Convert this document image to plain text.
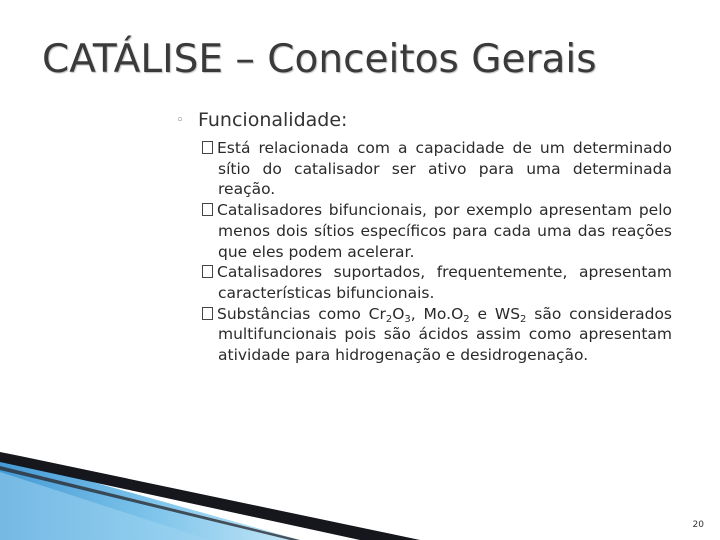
CATÁLISE – Conceitos Gerais
◦ Funcionalidade:
Está relacionada com a capacidade de um determinado sítio do catalisador ser ativo para uma determinada reação.
Catalisadores bifuncionais, por exemplo apresentam pelo menos dois sítios específicos para cada uma das reações que eles podem acelerar.
Catalisadores suportados, frequentemente, apresentam características bifuncionais.
Substâncias como $Cr_2O_3$, $Mo.O_2$ e $WS_2$ são considerados multifuncionais pois são ácidos assim como apresentam atividade para hidrogenação e desidrogenação.
20
